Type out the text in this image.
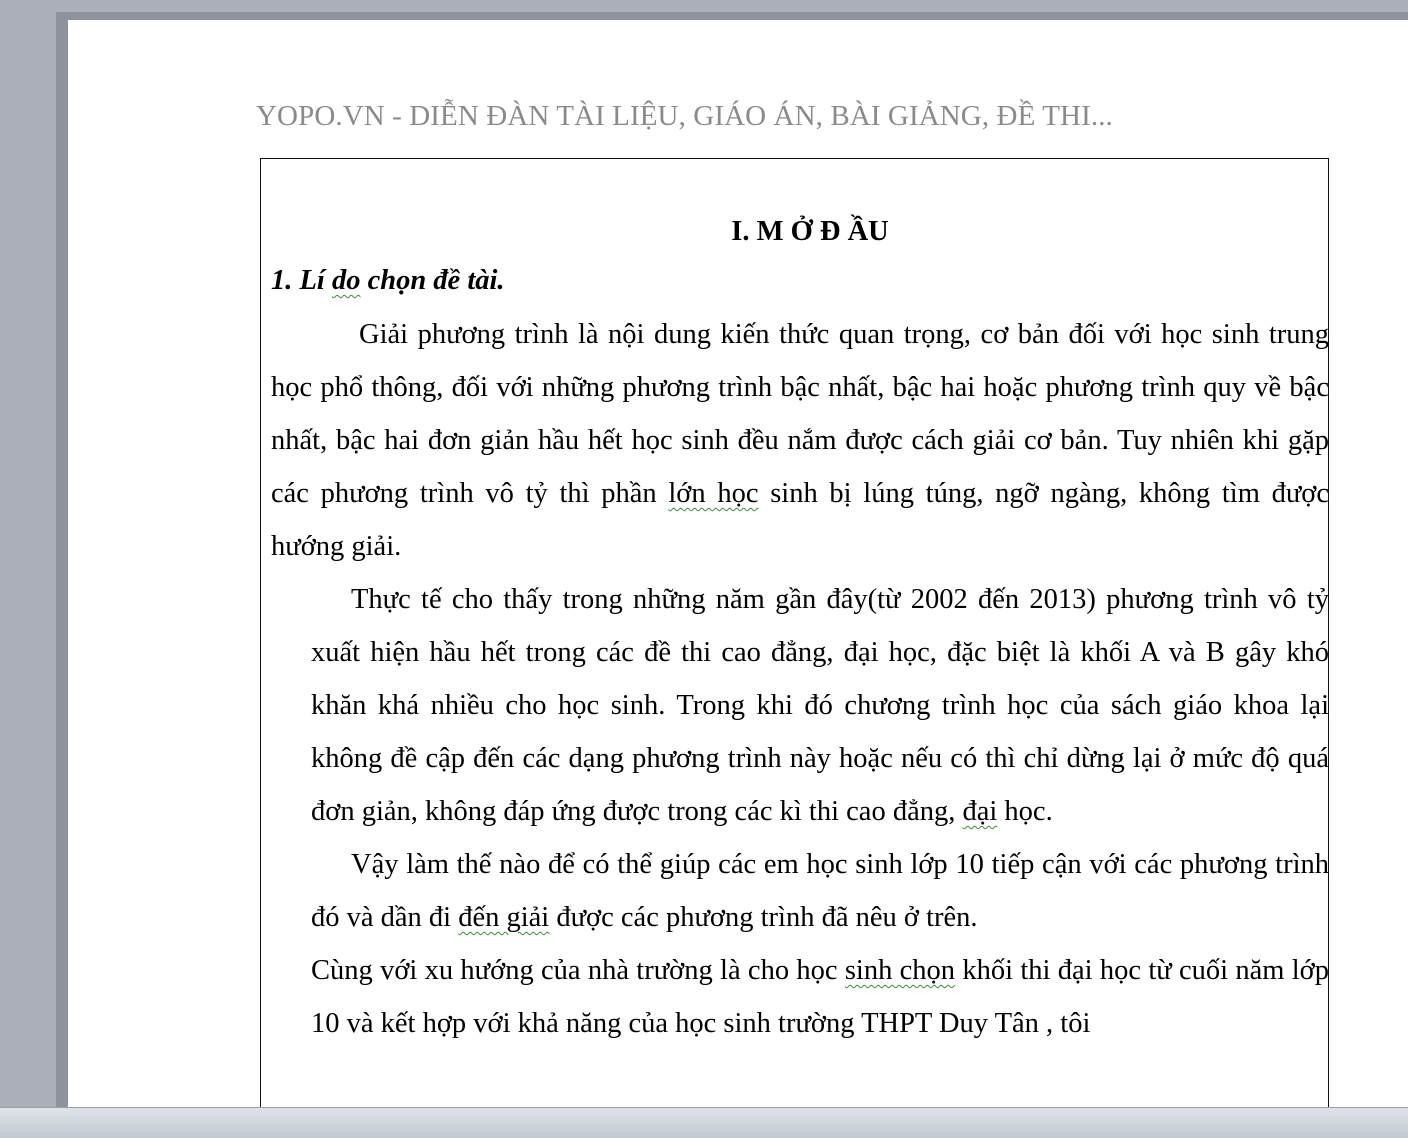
YOPO.VN - DIỄN ĐÀN TÀI LIỆU, GIÁO ÁN, BÀI GIẢNG, ĐỀ THI...
I. M Ở Đ ẦU
1. Lí do chọn đề tài.

Giải phương trình là nội dung kiến thức quan trọng, cơ bản đối với học sinh trung học phổ thông, đối với những phương trình bậc nhất, bậc hai hoặc phương trình quy về bậc nhất, bậc hai đơn giản hầu hết học sinh đều nắm được cách giải cơ bản. Tuy nhiên khi gặp các phương trình vô tỷ thì phần lớn học sinh bị lúng túng, ngỡ ngàng, không tìm được hướng giải.

Thực tế cho thấy trong những năm gần đây(từ 2002 đến 2013) phương trình vô tỷ xuất hiện hầu hết trong các đề thi cao đẳng, đại học, đặc biệt là khối A và B gây khó khăn khá nhiều cho học sinh. Trong khi đó chương trình học của sách giáo khoa lại không đề cập đến các dạng phương trình này hoặc nếu có thì chỉ dừng lại ở mức độ quá đơn giản, không đáp ứng được trong các kì thi cao đẳng, đại học.

Vậy làm thế nào để có thể giúp các em học sinh lớp 10 tiếp cận với các phương trình đó và dần đi đến giải được các phương trình đã nêu ở trên.

Cùng với xu hướng của nhà trường là cho học sinh chọn khối thi đại học từ cuối năm lớp 10 và kết hợp với khả năng của học sinh trường THPT Duy Tân , tôi
